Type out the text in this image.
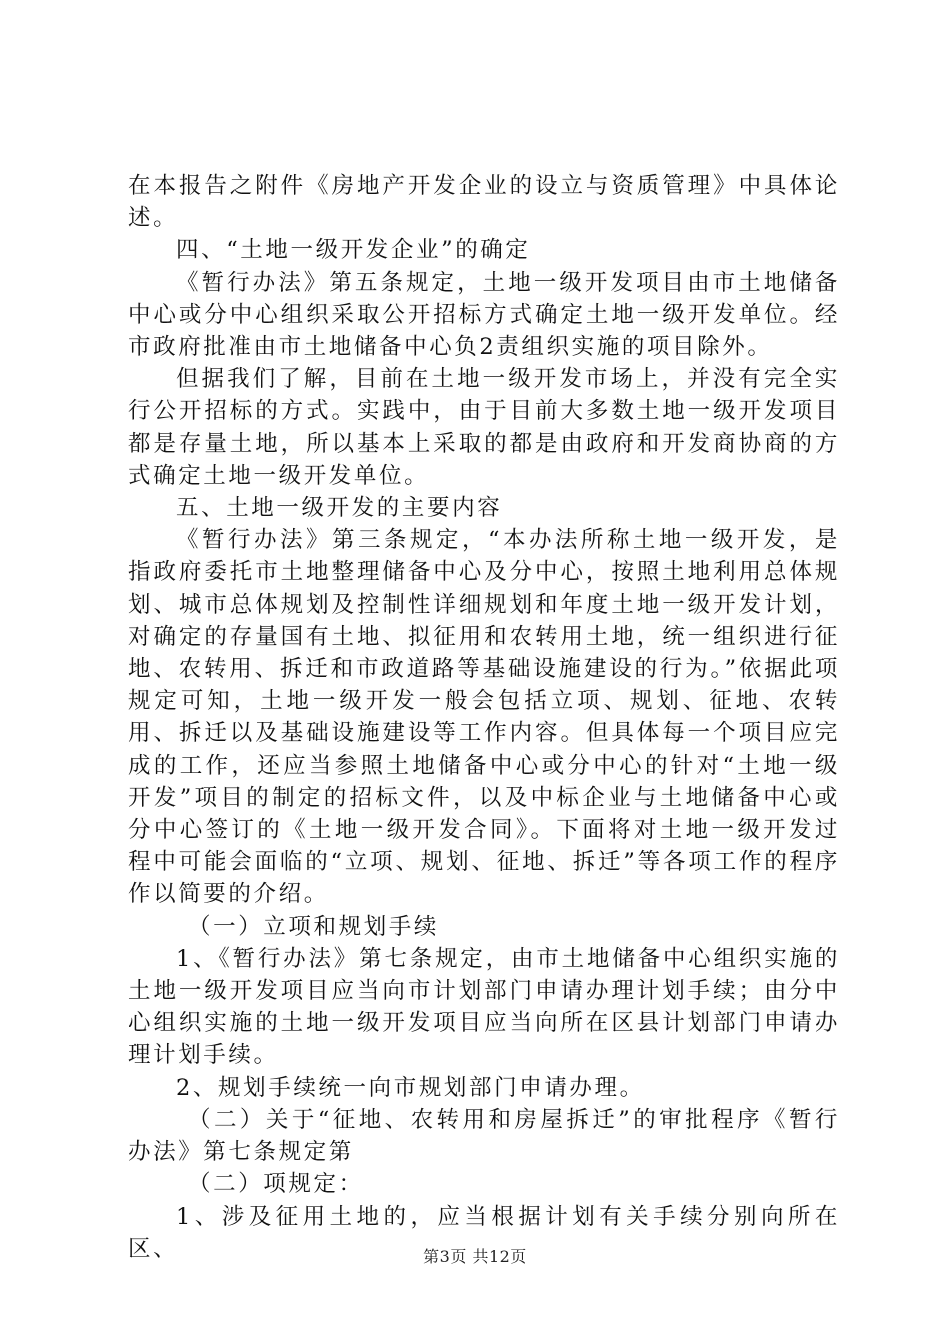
在本报告之附件《房地产开发企业的设立与资质管理》中具体论述。

四、“土地一级开发企业”的确定

《暂行办法》第五条规定，土地一级开发项目由市土地储备中心或分中心组织采取公开招标方式确定土地一级开发单位。经市政府批准由市土地储备中心负2责组织实施的项目除外。

但据我们了解，目前在土地一级开发市场上，并没有完全实行公开招标的方式。实践中，由于目前大多数土地一级开发项目都是存量土地，所以基本上采取的都是由政府和开发商协商的方式确定土地一级开发单位。

五、土地一级开发的主要内容

《暂行办法》第三条规定，“本办法所称土地一级开发，是指政府委托市土地整理储备中心及分中心，按照土地利用总体规划、城市总体规划及控制性详细规划和年度土地一级开发计划，对确定的存量国有土地、拟征用和农转用土地，统一组织进行征地、农转用、拆迁和市政道路等基础设施建设的行为。”依据此项规定可知，土地一级开发一般会包括立项、规划、征地、农转用、拆迁以及基础设施建设等工作内容。但具体每一个项目应完成的工作，还应当参照土地储备中心或分中心的针对“土地一级开发”项目的制定的招标文件，以及中标企业与土地储备中心或分中心签订的《土地一级开发合同》。下面将对土地一级开发过程中可能会面临的“立项、规划、征地、拆迁”等各项工作的程序作以简要的介绍。

（一）立项和规划手续

1、《暂行办法》第七条规定，由市土地储备中心组织实施的土地一级开发项目应当向市计划部门申请办理计划手续；由分中心组织实施的土地一级开发项目应当向所在区县计划部门申请办理计划手续。

2、规划手续统一向市规划部门申请办理。

（二）关于“征地、农转用和房屋拆迁”的审批程序《暂行办法》第七条规定第

（二）项规定：

1、涉及征用土地的，应当根据计划有关手续分别向所在区、	第3页 共12页
